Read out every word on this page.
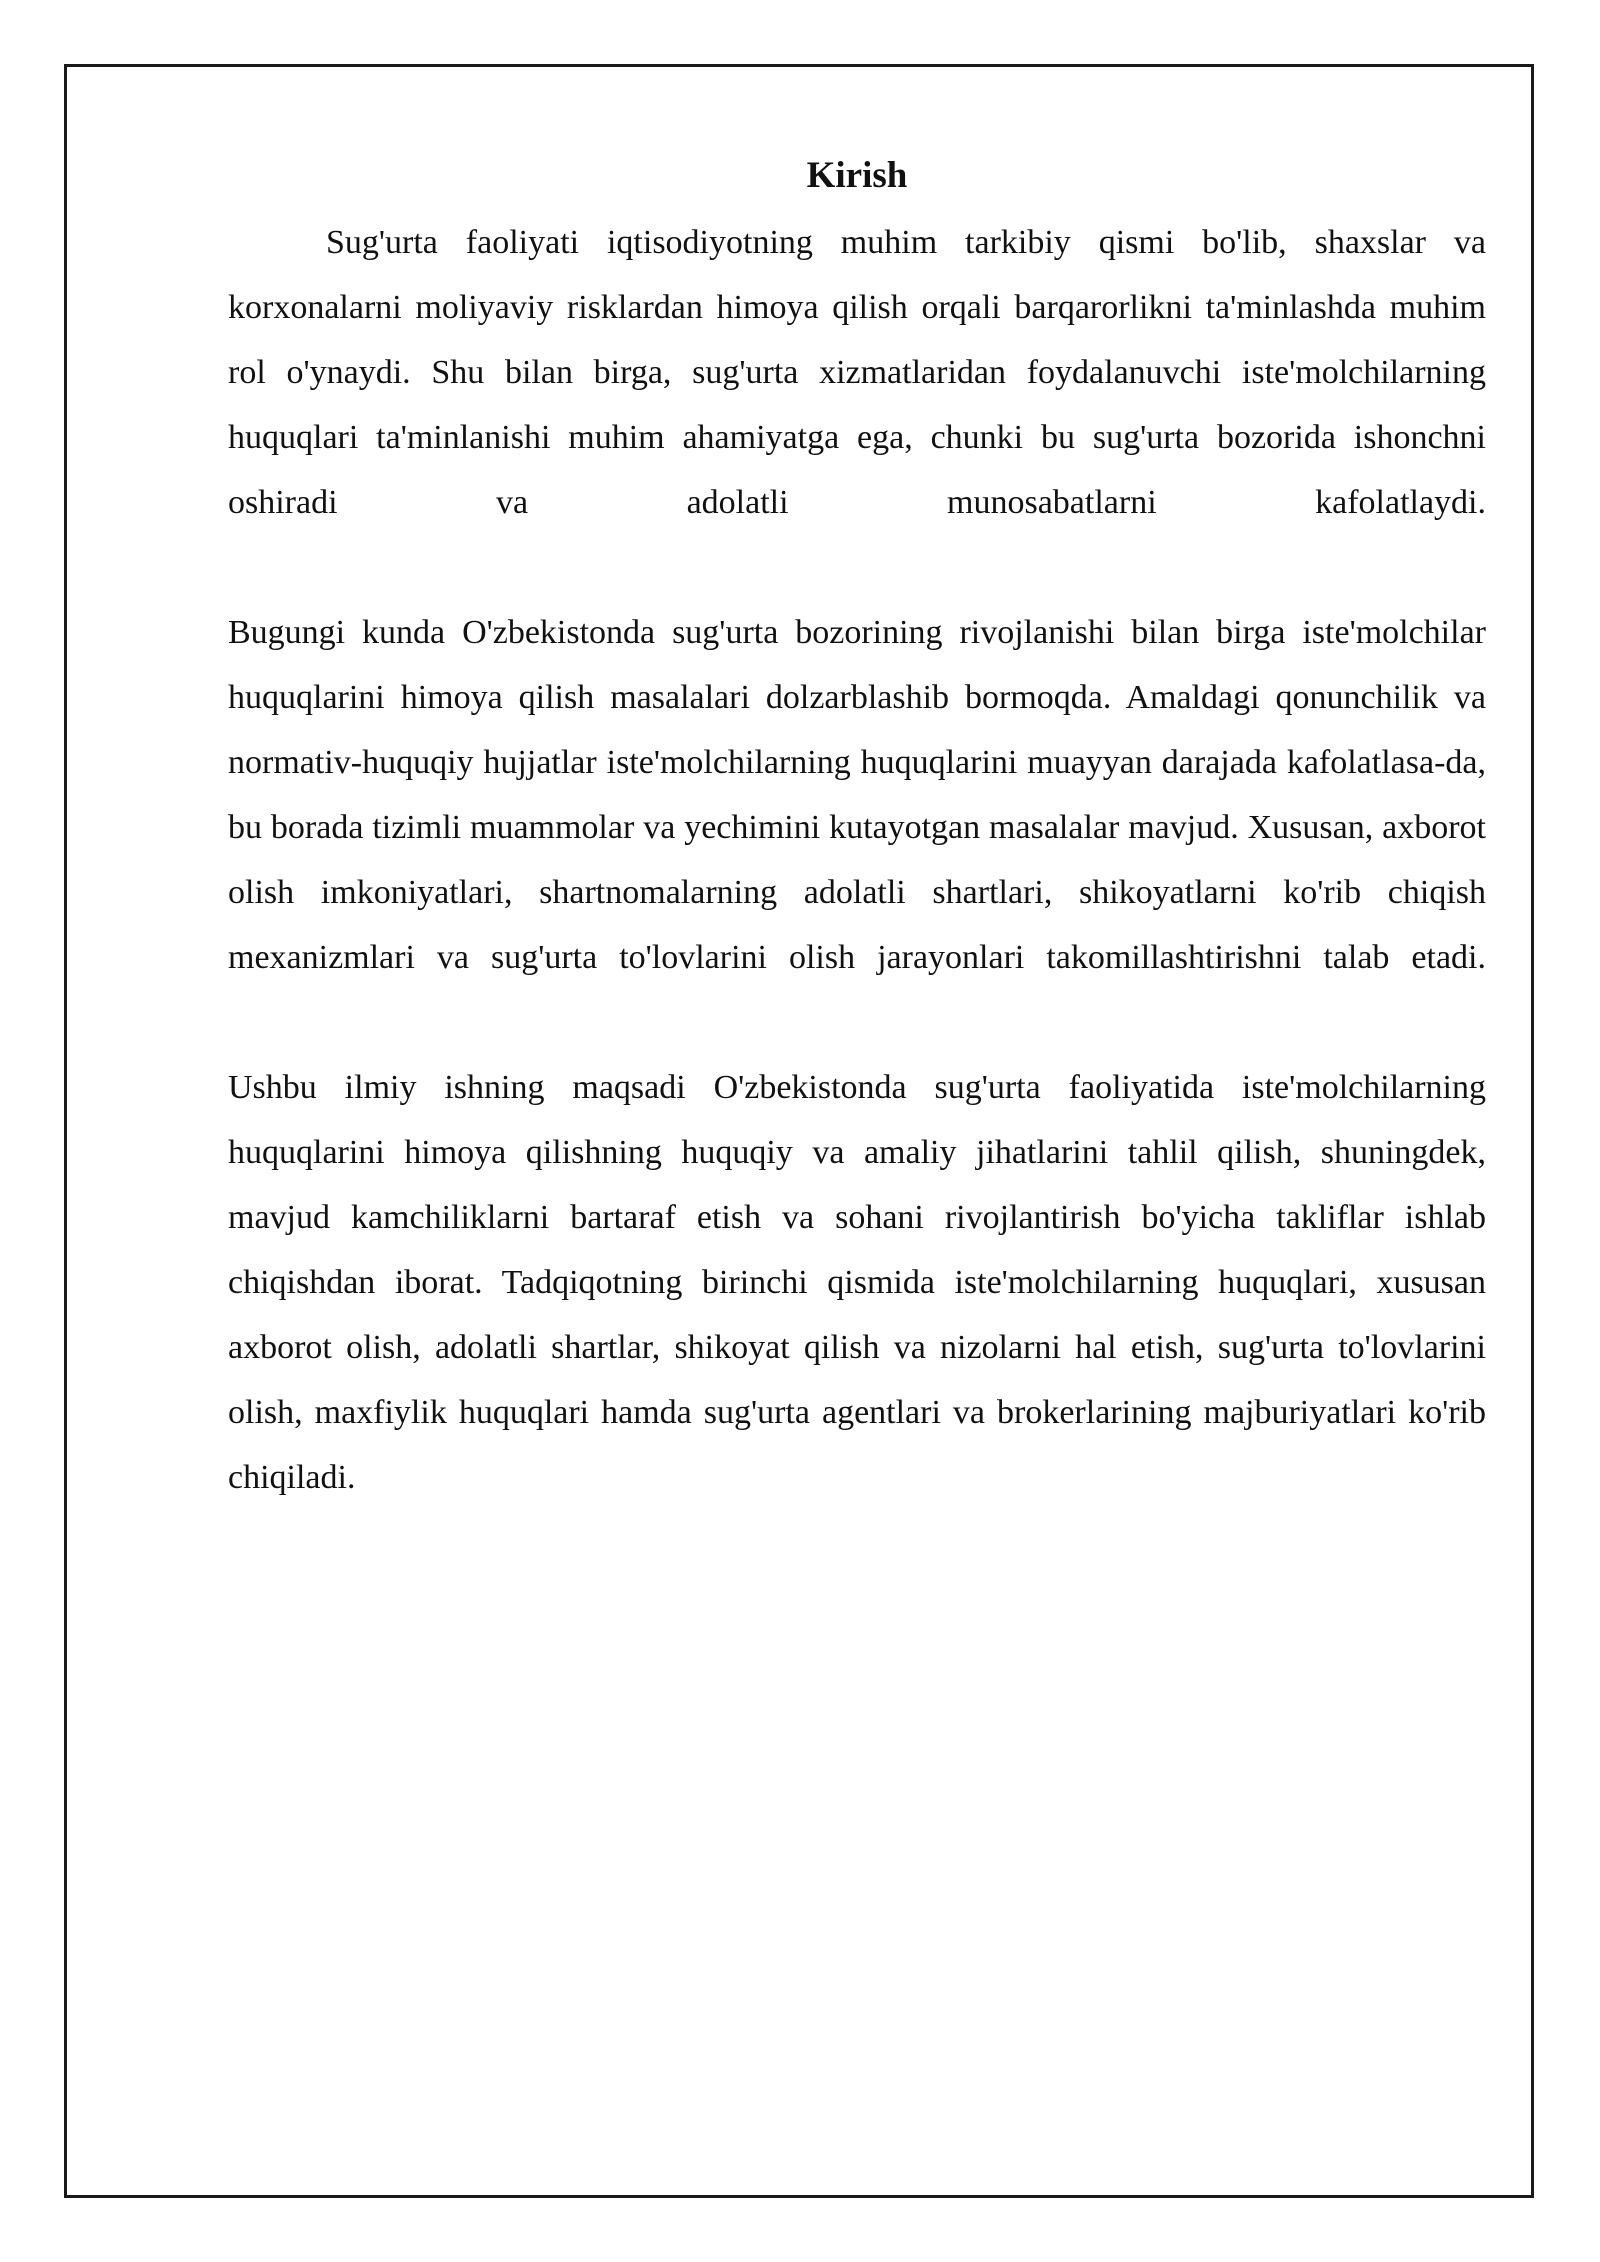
Kirish

Sug'urta faoliyati iqtisodiyotning muhim tarkibiy qismi bo'lib, shaxslar va korxonalarni moliyaviy risklardan himoya qilish orqali barqarorlikni ta'minlashda muhim rol o'ynaydi. Shu bilan birga, sug'urta xizmatlaridan foydalanuvchi iste'molchilarning huquqlari ta'minlanishi muhim ahamiyatga ega, chunki bu sug'urta bozorida ishonchni oshiradi va adolatli munosabatlarni kafolatlaydi.

Bugungi kunda O'zbekistonda sug'urta bozorining rivojlanishi bilan birga iste'molchilar huquqlarini himoya qilish masalalari dolzarblashib bormoqda. Amaldagi qonunchilik va normativ-huquqiy hujjatlar iste'molchilarning huquqlarini muayyan darajada kafolatlasa-da, bu borada tizimli muammolar va yechimini kutayotgan masalalar mavjud. Xususan, axborot olish imkoniyatlari, shartnomalarning adolatli shartlari, shikoyatlarni ko'rib chiqish mexanizmlari va sug'urta to'lovlarini olish jarayonlari takomillashtirishni talab etadi.

Ushbu ilmiy ishning maqsadi O'zbekistonda sug'urta faoliyatida iste'molchilarning huquqlarini himoya qilishning huquqiy va amaliy jihatlarini tahlil qilish, shuningdek, mavjud kamchiliklarni bartaraf etish va sohani rivojlantirish bo'yicha takliflar ishlab chiqishdan iborat. Tadqiqotning birinchi qismida iste'molchilarning huquqlari, xususan axborot olish, adolatli shartlar, shikoyat qilish va nizolarni hal etish, sug'urta to'lovlarini olish, maxfiylik huquqlari hamda sug'urta agentlari va brokerlarining majburiyatlari ko'rib chiqiladi.
